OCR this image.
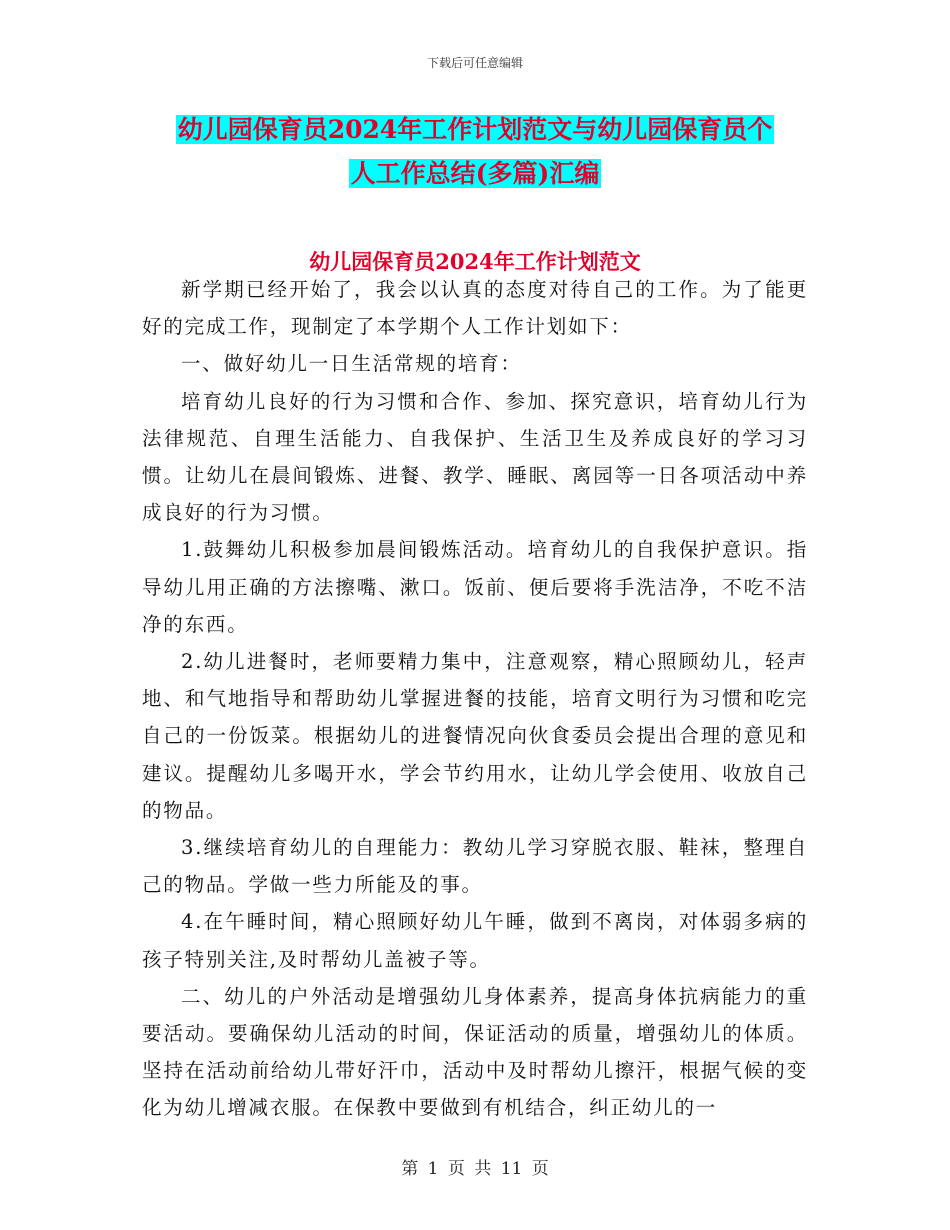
下载后可任意编辑
幼儿园保育员2024年工作计划范文与幼儿园保育员个
人工作总结(多篇)汇编
幼儿园保育员2024年工作计划范文

新学期已经开始了，我会以认真的态度对待自己的工作。为了能更好的完成工作，现制定了本学期个人工作计划如下：

一、做好幼儿一日生活常规的培育：

培育幼儿良好的行为习惯和合作、参加、探究意识，培育幼儿行为法律规范、自理生活能力、自我保护、生活卫生及养成良好的学习习惯。让幼儿在晨间锻炼、进餐、教学、睡眠、离园等一日各项活动中养成良好的行为习惯。

1.鼓舞幼儿积极参加晨间锻炼活动。培育幼儿的自我保护意识。指导幼儿用正确的方法擦嘴、漱口。饭前、便后要将手洗洁净，不吃不洁净的东西。

2.幼儿进餐时，老师要精力集中，注意观察，精心照顾幼儿，轻声地、和气地指导和帮助幼儿掌握进餐的技能，培育文明行为习惯和吃完自己的一份饭菜。根据幼儿的进餐情况向伙食委员会提出合理的意见和建议。提醒幼儿多喝开水，学会节约用水，让幼儿学会使用、收放自己的物品。

3.继续培育幼儿的自理能力：教幼儿学习穿脱衣服、鞋袜，整理自己的物品。学做一些力所能及的事。

4.在午睡时间，精心照顾好幼儿午睡，做到不离岗，对体弱多病的孩子特别关注,及时帮幼儿盖被子等。

二、幼儿的户外活动是增强幼儿身体素养，提高身体抗病能力的重要活动。要确保幼儿活动的时间，保证活动的质量，增强幼儿的体质。坚持在活动前给幼儿带好汗巾，活动中及时帮幼儿擦汗，根据气候的变化为幼儿增减衣服。在保教中要做到有机结合，纠正幼儿的一

第 1 页 共 11 页
